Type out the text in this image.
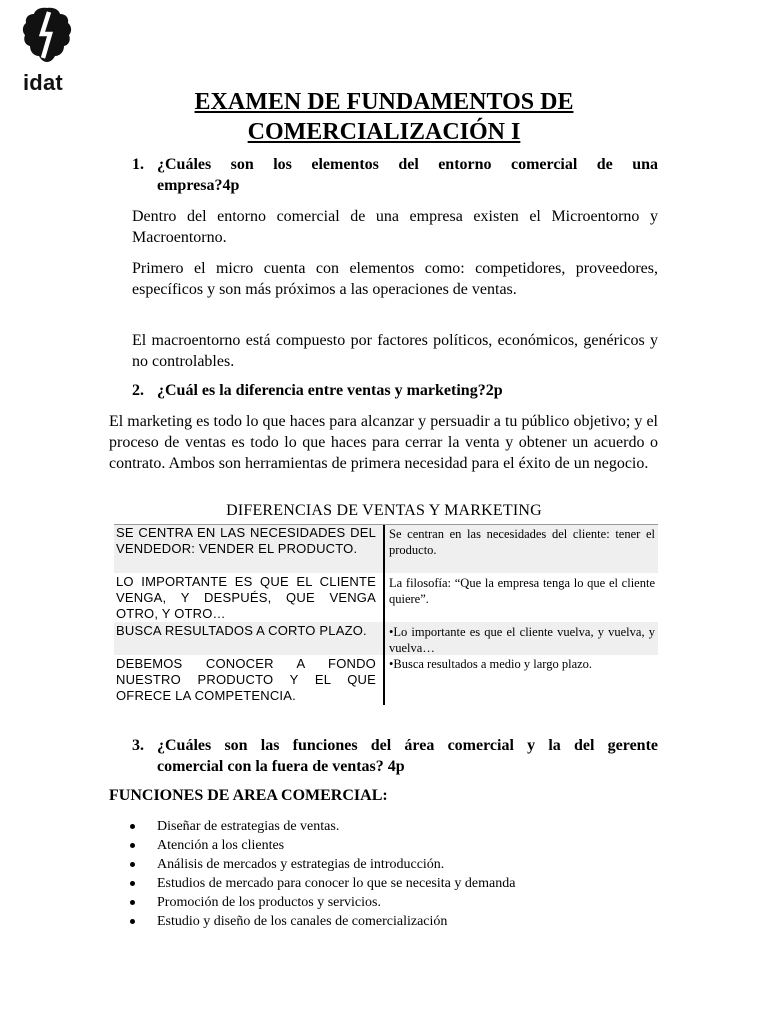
idat
EXAMEN DE FUNDAMENTOS DE
COMERCIALIZACIÓN I
1. ¿Cuáles son los elementos del entorno comercial de una
empresa?4p
Dentro del entorno comercial de una empresa existen el Microentorno y Macroentorno.
Primero el micro cuenta con elementos como: competidores, proveedores, específicos y son más próximos a las operaciones de ventas.
El macroentorno está compuesto por factores políticos, económicos, genéricos y no controlables.
2. ¿Cuál es la diferencia entre ventas y marketing?2p
El marketing es todo lo que haces para alcanzar y persuadir a tu público objetivo; y el proceso de ventas es todo lo que haces para cerrar la venta y obtener un acuerdo o contrato. Ambos son herramientas de primera necesidad para el éxito de un negocio.
DIFERENCIAS DE VENTAS Y MARKETING
SE CENTRA EN LAS NECESIDADES DEL VENDEDOR: VENDER EL PRODUCTO.
Se centran en las necesidades del cliente: tener el producto.
LO IMPORTANTE ES QUE EL CLIENTE VENGA, Y DESPUÉS, QUE VENGA OTRO, Y OTRO…
La filosofía: “Que la empresa tenga lo que el cliente quiere”.
BUSCA RESULTADOS A CORTO PLAZO.	•Lo importante es que el cliente vuelva, y vuelva, y vuelva…
DEBEMOS CONOCER A FONDO NUESTRO PRODUCTO Y EL QUE OFRECE LA COMPETENCIA.
•Busca resultados a medio y largo plazo.
3. ¿Cuáles son las funciones del área comercial y la del gerente
comercial con la fuera de ventas? 4p
FUNCIONES DE AREA COMERCIAL:
Diseñar de estrategias de ventas.
Atención a los clientes
Análisis de mercados y estrategias de introducción.
Estudios de mercado para conocer lo que se necesita y demanda
Promoción de los productos y servicios.
Estudio y diseño de los canales de comercialización
